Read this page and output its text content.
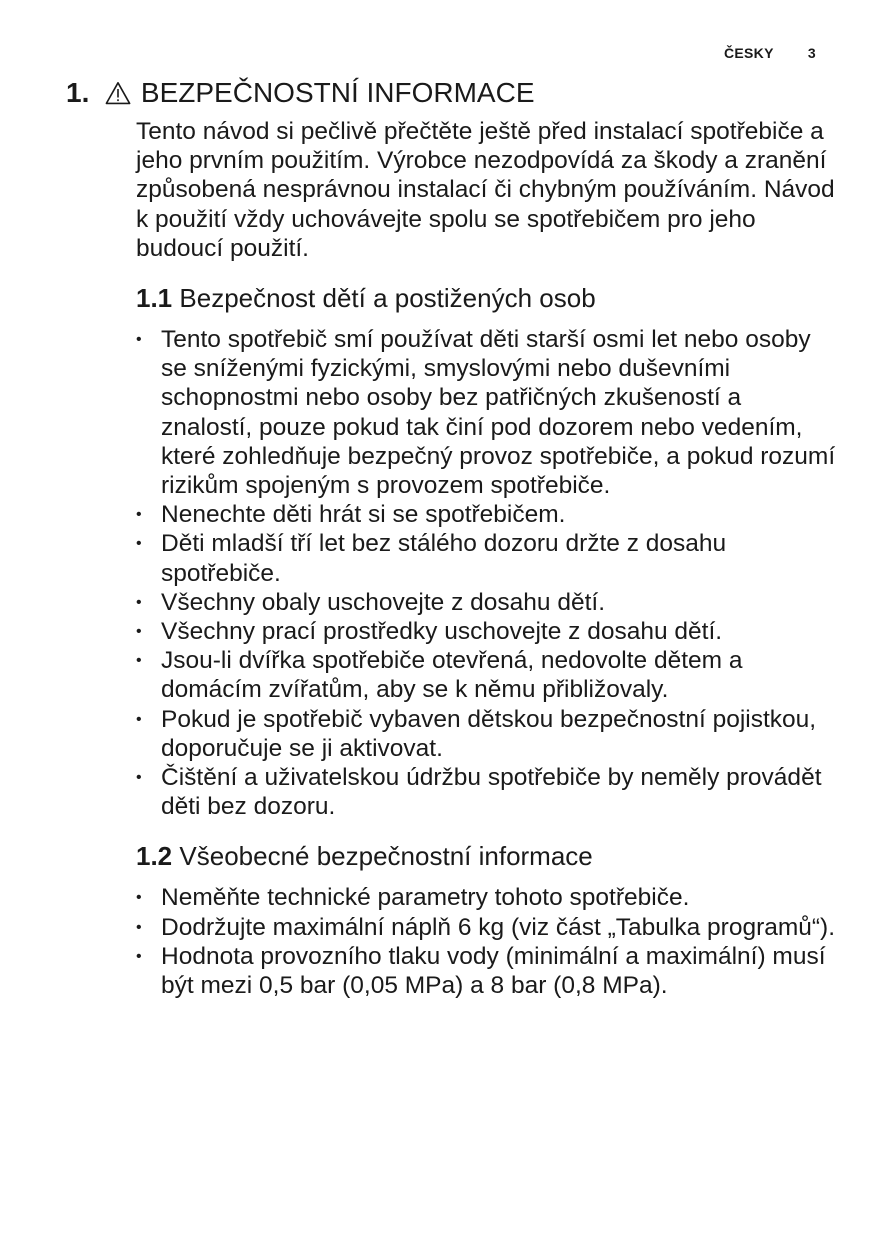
ČESKY 3
1. BEZPEČNOSTNÍ INFORMACE

Tento návod si pečlivě přečtěte ještě před instalací spotřebiče a jeho prvním použitím. Výrobce nezodpovídá za škody a zranění způsobená nesprávnou instalací či chybným používáním. Návod k použití vždy uchovávejte spolu se spotřebičem pro jeho budoucí použití.

1.1 Bezpečnost dětí a postižených osob
• Tento spotřebič smí používat děti starší osmi let nebo osoby se sníženými fyzickými, smyslovými nebo duševními schopnostmi nebo osoby bez patřičných zkušeností a znalostí, pouze pokud tak činí pod dozorem nebo vedením, které zohledňuje bezpečný provoz spotřebiče, a pokud rozumí rizikům spojeným s provozem spotřebiče.
• Nenechte děti hrát si se spotřebičem.
• Děti mladší tří let bez stálého dozoru držte z dosahu spotřebiče.
• Všechny obaly uschovejte z dosahu dětí.
• Všechny prací prostředky uschovejte z dosahu dětí.
• Jsou-li dvířka spotřebiče otevřená, nedovolte dětem a domácím zvířatům, aby se k němu přibližovaly.
• Pokud je spotřebič vybaven dětskou bezpečnostní pojistkou, doporučuje se ji aktivovat.
• Čištění a uživatelskou údržbu spotřebiče by neměly provádět děti bez dozoru.
1.2 Všeobecné bezpečnostní informace
• Neměňte technické parametry tohoto spotřebiče.
• Dodržujte maximální náplň 6 kg (viz část „Tabulka programů“).
• Hodnota provozního tlaku vody (minimální a maximální) musí být mezi 0,5 bar (0,05 MPa) a 8 bar (0,8 MPa).
